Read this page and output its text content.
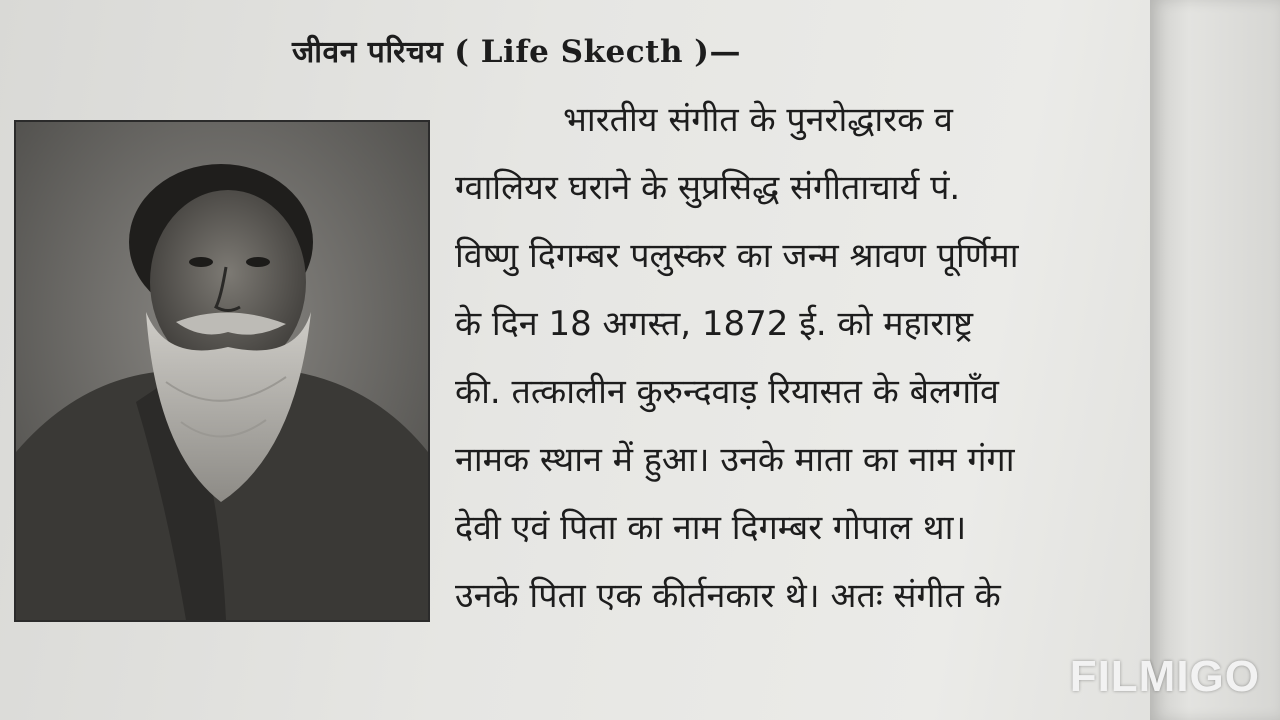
जीवन परिचय ( Life Skecth )—
भारतीय संगीत के पुनरोद्धारक व
ग्वालियर घराने के सुप्रसिद्ध संगीताचार्य पं.
विष्णु दिगम्बर पलुस्कर का जन्म श्रावण पूर्णिमा
के दिन 18 अगस्त, 1872 ई. को महाराष्ट्र
की. तत्कालीन कुरुन्दवाड़ रियासत के बेलगाँव
नामक स्थान में हुआ। उनके माता का नाम गंगा
देवी एवं पिता का नाम दिगम्बर गोपाल था।
उनके पिता एक कीर्तनकार थे। अतः संगीत के
FILMIGO
